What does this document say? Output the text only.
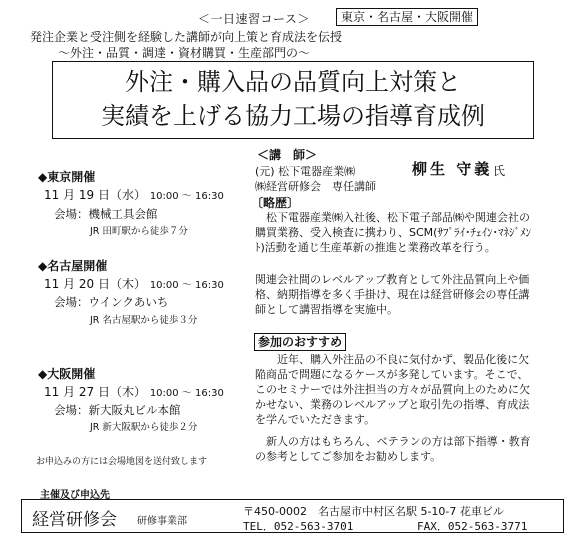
＜一日速習コース＞	東京・名古屋・大阪開催
発注企業と受注側を経験した講師が向上策と育成法を伝授
～外注・品質・調達・資材購買・生産部門の～
外注・購入品の品質向上対策と
実績を上げる協力工場の指導育成例
◆東京開催
11 月 19 日（水） 10:00 ～ 16:30
会場：機械工具会館
JR 田町駅から徒歩７分
◆名古屋開催
11 月 20 日（木） 10:00 ～ 16:30
会場：ウインクあいち
JR 名古屋駅から徒歩３分
◆大阪開催
11 月 27 日（木） 10:00 ～ 16:30
会場：新大阪丸ビル本館
JR 新大阪駅から徒歩２分
お申込みの方には会場地図を送付致します
＜講　師＞
(元) 松下電器産業㈱
㈱経営研修会　専任講師
柳生 守義 氏
〔略歴〕

松下電器産業㈱入社後、松下電子部品㈱や関連会社の購買業務、受入検査に携わり、SCM(ｻﾌﾟﾗｲ･ﾁｪｲﾝ･ﾏﾈｼﾞﾒﾝﾄ)活動を通じ生産革新の推進と業務改革を行う。

関連会社間のレベルアップ教育として外注品質向上や価格、納期指導を多く手掛け、現在は経営研修会の専任講師として講習指導を実施中。

参加のおすすめ

近年、購入外注品の不良に気付かず、製品化後に欠陥商品で問題になるケースが多発しています。そこで、このセミナーでは外注担当の方々が品質向上のために欠かせない、業務のレベルアップと取引先の指導、育成法を学んでいただきます。

新人の方はもちろん、ベテランの方は部下指導・教育の参考としてご参加をお勧めします。

主催及び申込先
経営研修会 研修事業部
〒450-0002　名古屋市中村区名駅 5-10-7 花車ビル
TEL．052-563-3701	FAX．052-563-3771
